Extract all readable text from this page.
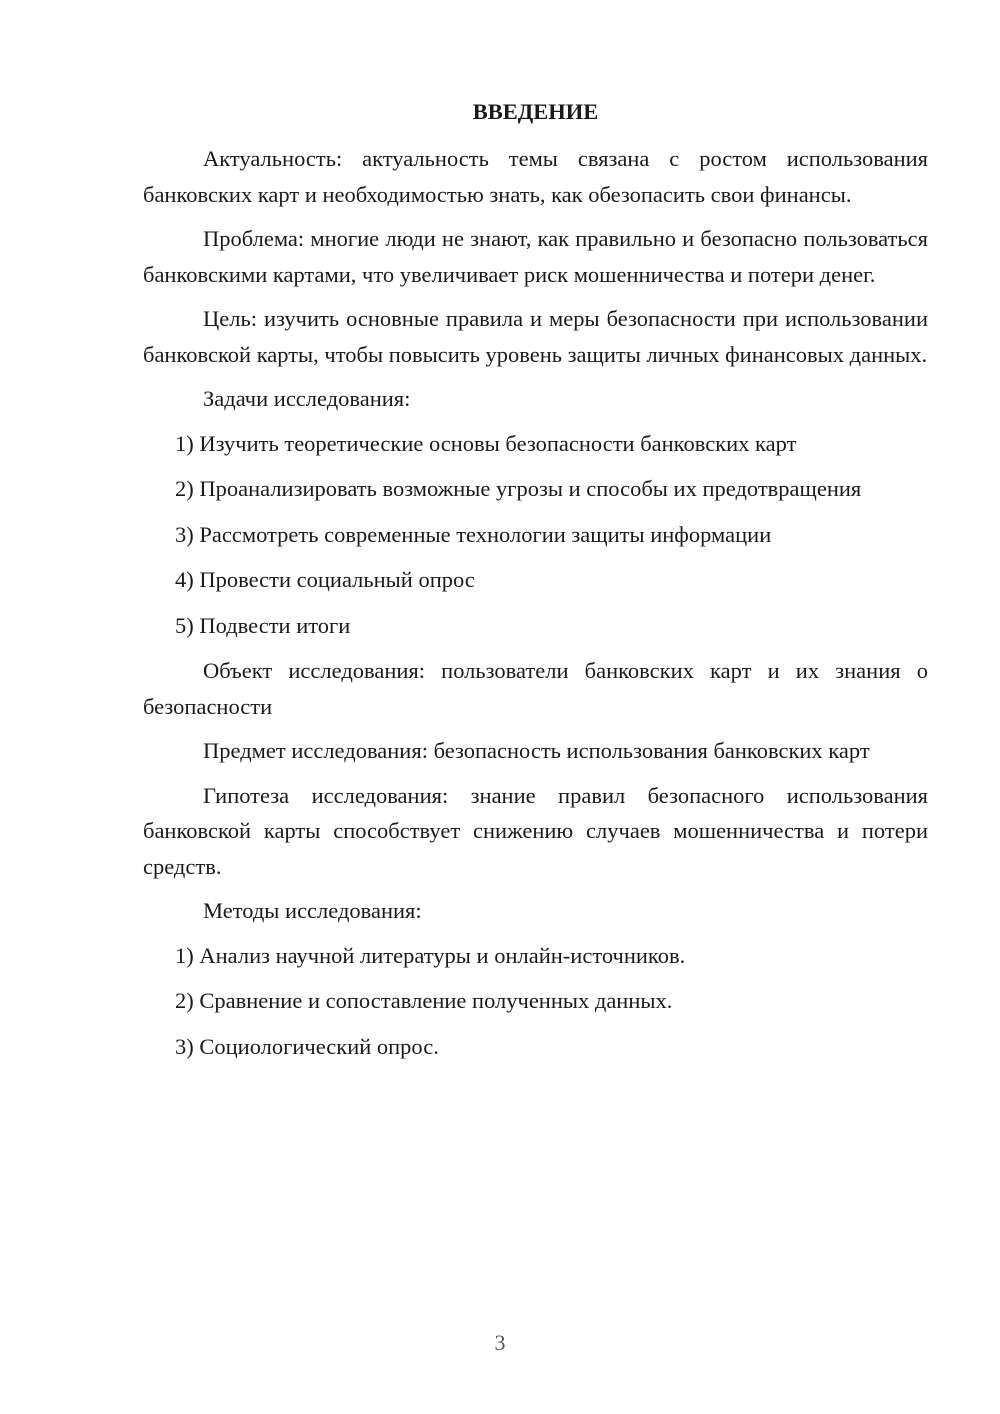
ВВЕДЕНИЕ

Актуальность: актуальность темы связана с ростом использования банковских карт и необходимостью знать, как обезопасить свои финансы.

Проблема: многие люди не знают, как правильно и безопасно пользоваться банковскими картами, что увеличивает риск мошенничества и потери денег.

Цель: изучить основные правила и меры безопасности при использовании банковской карты, чтобы повысить уровень защиты личных финансовых данных.

Задачи исследования:

1) Изучить теоретические основы безопасности банковских карт

2) Проанализировать возможные угрозы и способы их предотвращения

3) Рассмотреть современные технологии защиты информации

4) Провести социальный опрос

5) Подвести итоги

Объект исследования: пользователи банковских карт и их знания о безопасности

Предмет исследования: безопасность использования банковских карт

Гипотеза исследования: знание правил безопасного использования банковской карты способствует снижению случаев мошенничества и потери средств.

Методы исследования:

1) Анализ научной литературы и онлайн-источников.

2) Сравнение и сопоставление полученных данных.

3) Социологический опрос.

3
